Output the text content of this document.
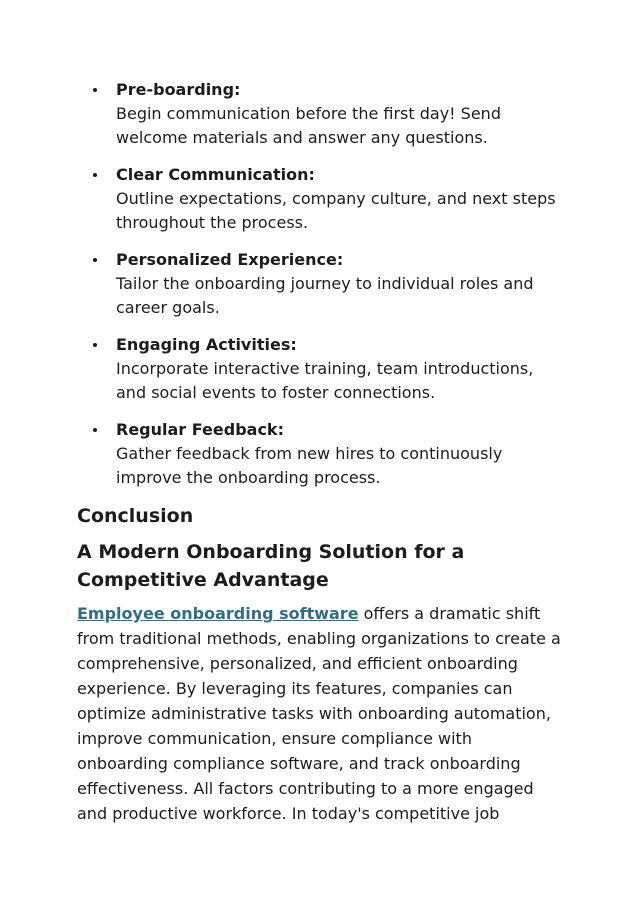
Pre-boarding:
Begin communication before the first day! Send welcome materials and answer any questions.
Clear Communication:
Outline expectations, company culture, and next steps throughout the process.
Personalized Experience:
Tailor the onboarding journey to individual roles and career goals.
Engaging Activities:
Incorporate interactive training, team introductions, and social events to foster connections.
Regular Feedback:
Gather feedback from new hires to continuously improve the onboarding process.
Conclusion
A Modern Onboarding Solution for a Competitive Advantage

Employee onboarding software offers a dramatic shift from traditional methods, enabling organizations to create a comprehensive, personalized, and efficient onboarding experience. By leveraging its features, companies can optimize administrative tasks with onboarding automation, improve communication, ensure compliance with onboarding compliance software, and track onboarding effectiveness. All factors contributing to a more engaged and productive workforce. In today's competitive job
